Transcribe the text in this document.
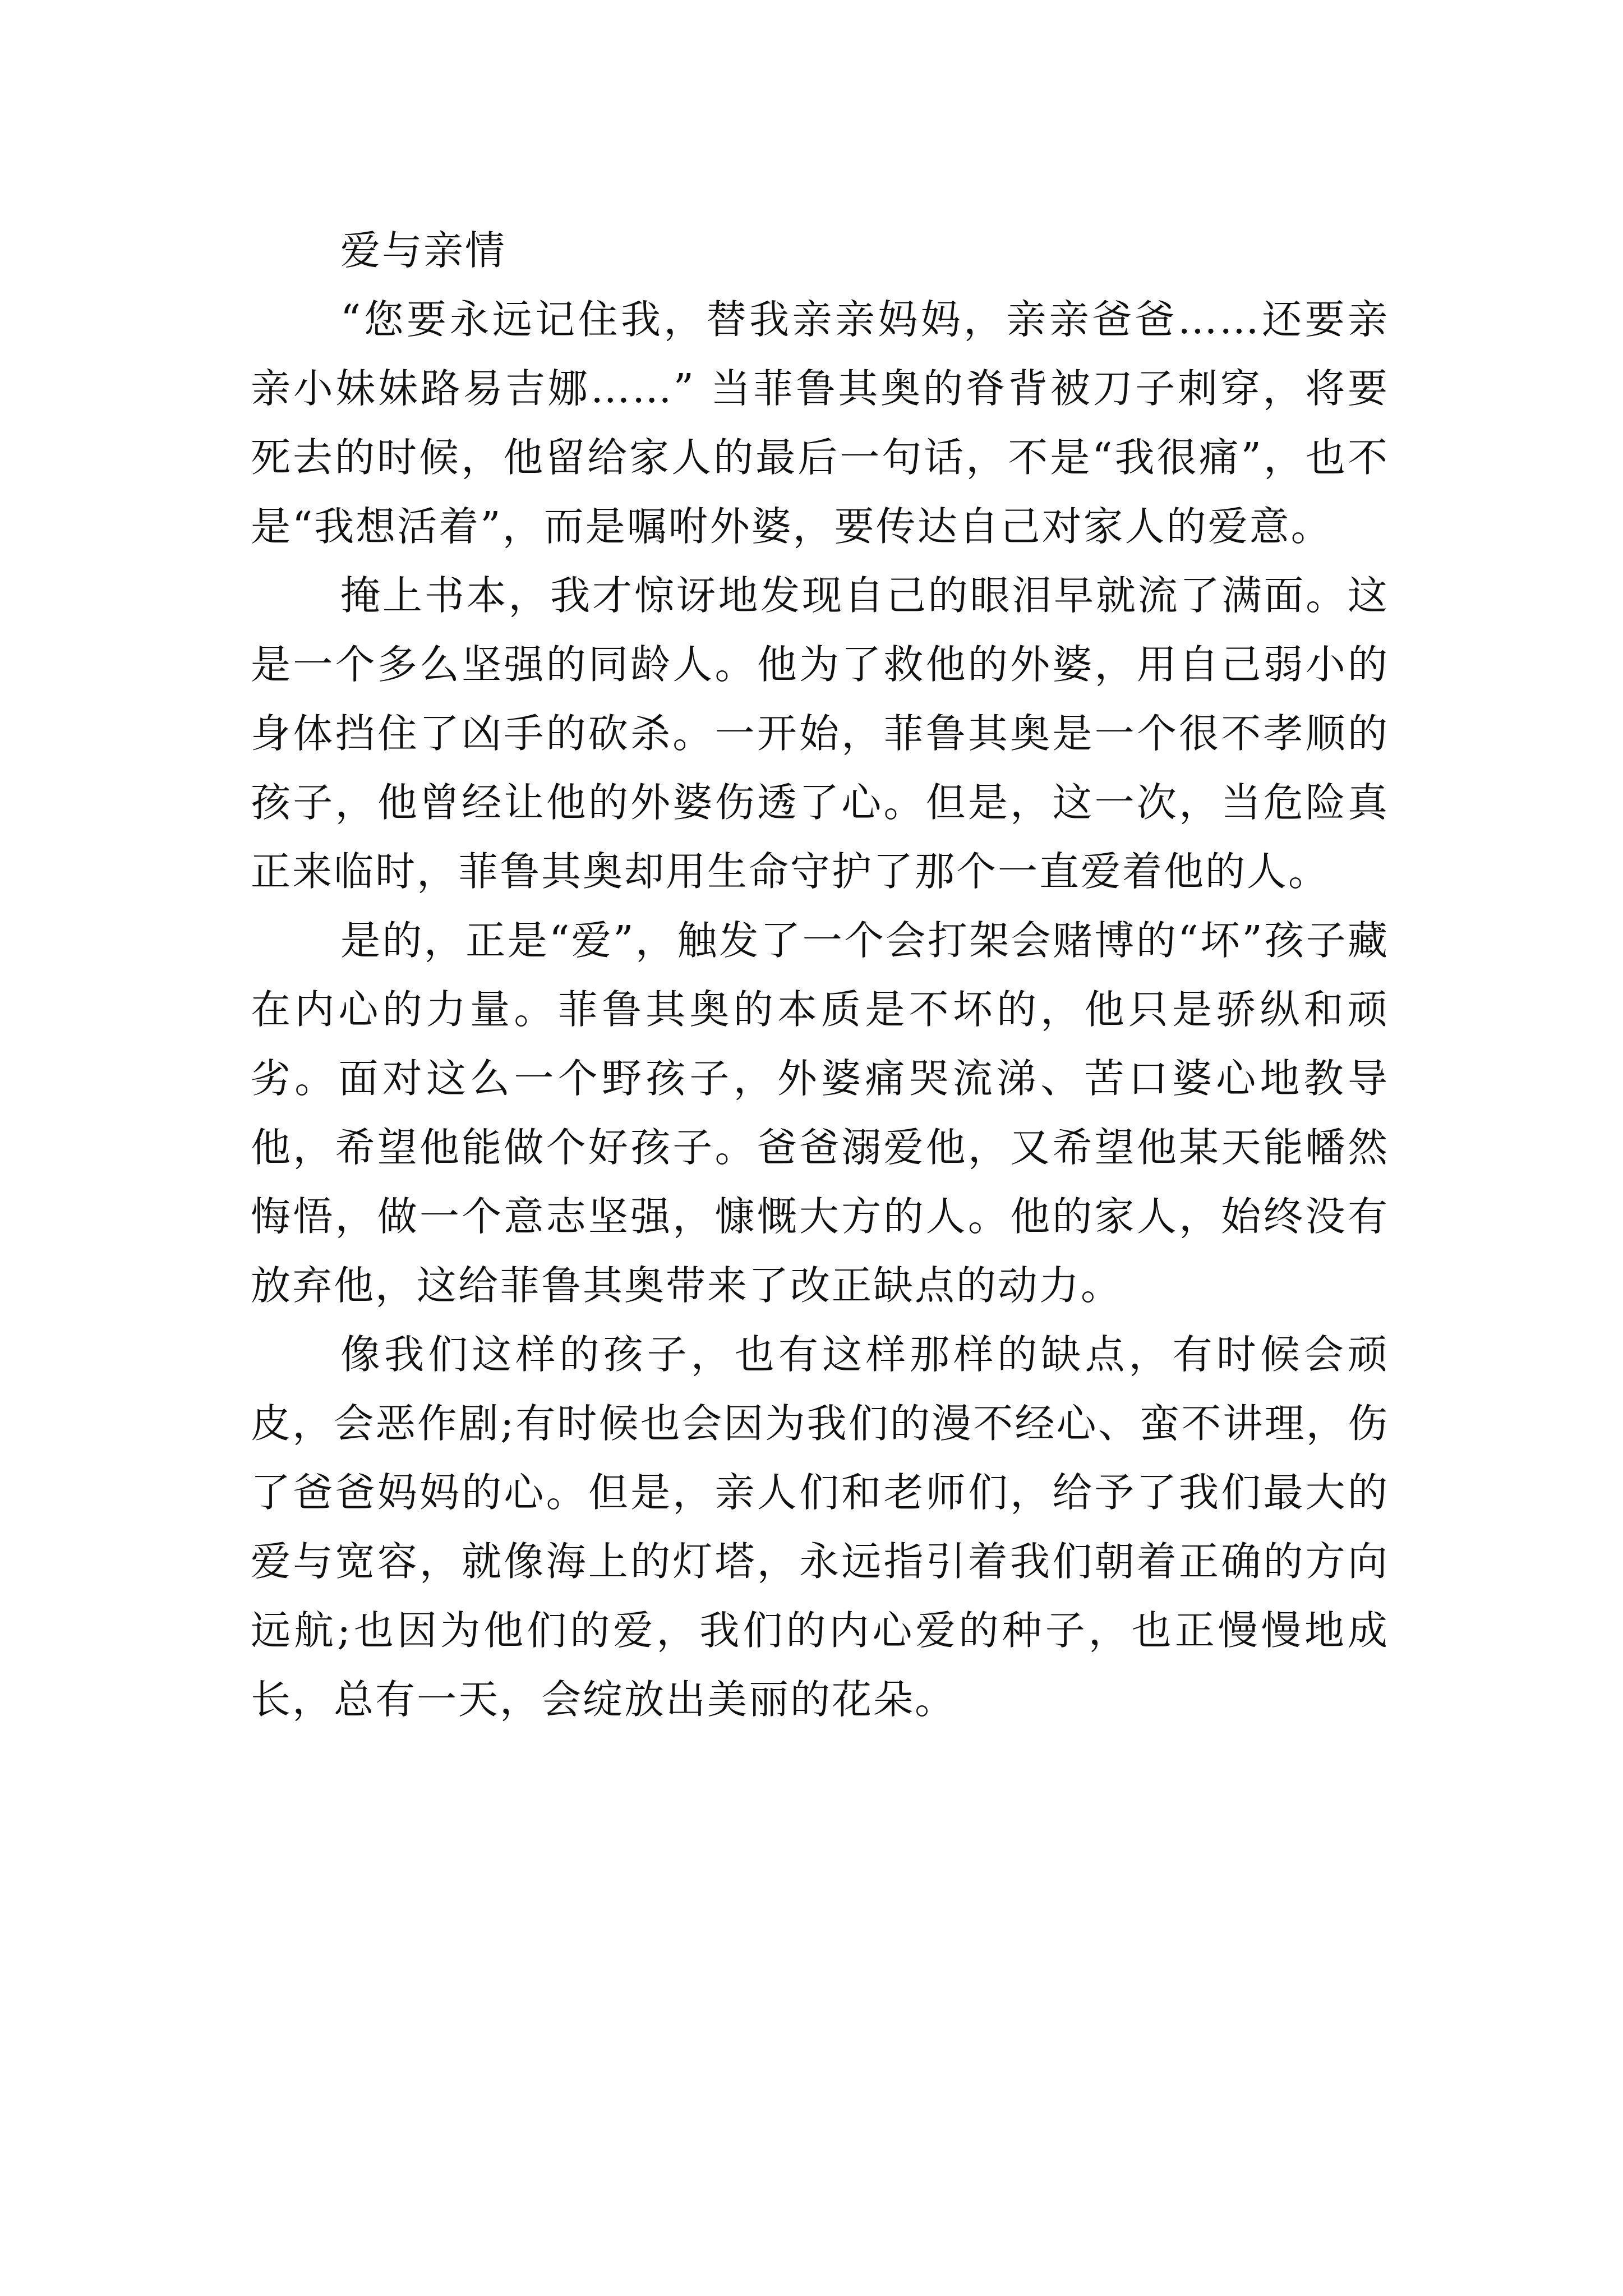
爱与亲情

“您要永远记住我，替我亲亲妈妈，亲亲爸爸……还要亲亲小妹妹路易吉娜……” 当菲鲁其奥的脊背被刀子刺穿，将要死去的时候，他留给家人的最后一句话，不是“我很痛”，也不是“我想活着”，而是嘱咐外婆，要传达自己对家人的爱意。

掩上书本，我才惊讶地发现自己的眼泪早就流了满面。这是一个多么坚强的同龄人。他为了救他的外婆，用自己弱小的身体挡住了凶手的砍杀。一开始，菲鲁其奥是一个很不孝顺的孩子，他曾经让他的外婆伤透了心。但是，这一次，当危险真正来临时，菲鲁其奥却用生命守护了那个一直爱着他的人。

是的，正是“爱”，触发了一个会打架会赌博的“坏”孩子藏在内心的力量。菲鲁其奥的本质是不坏的，他只是骄纵和顽劣。面对这么一个野孩子，外婆痛哭流涕、苦口婆心地教导他，希望他能做个好孩子。爸爸溺爱他，又希望他某天能幡然悔悟，做一个意志坚强，慷慨大方的人。他的家人，始终没有放弃他，这给菲鲁其奥带来了改正缺点的动力。

像我们这样的孩子，也有这样那样的缺点，有时候会顽皮，会恶作剧;有时候也会因为我们的漫不经心、蛮不讲理，伤了爸爸妈妈的心。但是，亲人们和老师们，给予了我们最大的爱与宽容，就像海上的灯塔，永远指引着我们朝着正确的方向远航;也因为他们的爱，我们的内心爱的种子，也正慢慢地成长，总有一天，会绽放出美丽的花朵。
